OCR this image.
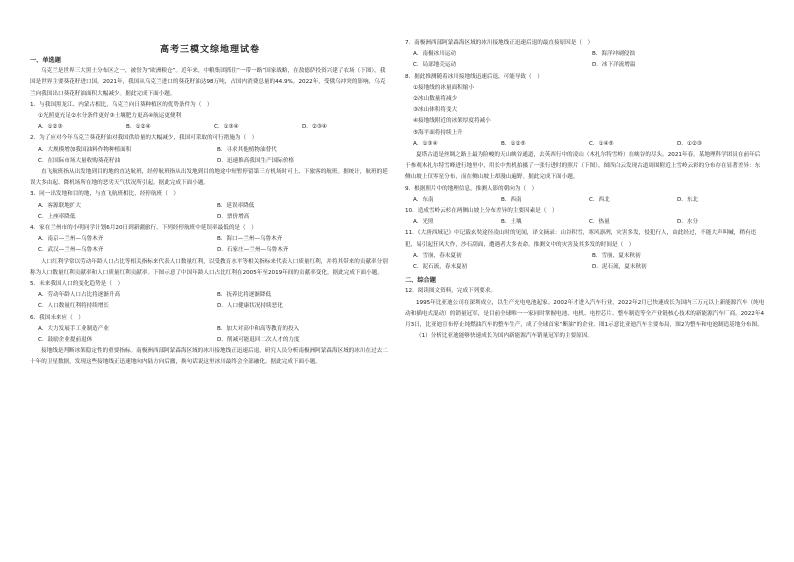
高考三模文综地理试卷
一、单选题

乌克兰是世界三大黑土分布区之一，被誉为“欧洲粮仓”。近年来，中粮集团抓住“一带一路”国家战略，在敖德萨投资兴建了农场（下图）。我国是世界主要葵花籽进口国。2021年，我国从乌克兰进口的葵花籽油达98万吨，占国内消费总量的44.9%。2022年，受俄乌冲突的影响，乌克兰向我国出口葵花籽油面积大幅减少。据此完成下面小题。

1．与我国黑龙江、内蒙古相比，乌克兰向日葵种植区的优势条件为（　）

①光照更充足②水分条件更好③土壤肥力更高④航运更便利

A．①②③	B．①②④	C．①③④	D．②③④

2．为了应对今年乌克兰葵花籽油对我国供给量的大幅减少，我国可采取的可行措施为（　）

A．大规模增加我国油料作物种植面积	B．寻求其他植物油替代
C．在国际市场大量收购葵花籽油	D．迅速推高我国生产国际价格

直飞航班指从出发地到目的地的直达航班，经停航班指从出发地到目的地途中短暂停留第三方机场时可上、下旅客的航班。据统计，航班的延误大多由起、降机场所在地的恶劣天气状况所引起。据此完成下面小题。

3．同一出发地和目的地，与直飞航班相比，经停航班（　）

A．客源联地扩大	B．延误率降低
C．上座率降低	D．票价增高

4．家在兰州市的小明同学计划6月20日到新疆旅行，下列经停航班中延误率最低的是（　）

A．南京—兰州—乌鲁木齐	B．海口—兰州—乌鲁木齐
C．武汉—兰州—乌鲁木齐	D．石家庄—兰州—乌鲁木齐

人口红利学常以劳动年龄人口占比等相关指标来代表人口数量红利，以受教育水平等相关指标来代表人口质量红利，并将其带来的贡献率分别称为人口数量红利贡献率和人口质量红利贡献率。下图示意了中国年龄人口占比红利在2005年至2019年间的贡献率变化。据此完成下面小题。

5．未来我国人口的变化趋势是（　）

A．劳动年龄人口占比将逐渐升高	B．抚养比将逐渐降低
C．人口数量红利将持续增长	D．人口健康状况持续恶化

6．我国未来应（　）

A．大力发展手工业制造产业	B．加大对高中和高等教育的投入
C．鼓励企业提前退休	D．削减可能退回二次人才的力度

接地线是判断冰架稳定性的重要指标。南极洲西部阿蒙森海区域的冰川接地线正迅速后退，研究人员分析南极洲阿蒙森海区域的冰川在过去二十年的卫星数据，发现这些接地线正迅速地向内陆方向后撤，换句话说这里冰川最终会全部融化。据此完成下面小题。

7．南极洲西部阿蒙森海区域的冰川接地线正迅速后退的最直接原因是（　）

A．南极冰川运动	B．海洋冲刷侵蚀
C．局部地壳运动	D．冰下洋流增温

8．据此推测随着冰川接地线迅速后退，可能导致（　）

①接地线的冰量面积缩小

②冰山数量将减少

③冰山体积将变大

④接地线附近的冰架厚度将减小

⑤海平面将持续上升

A．①③④	B．①②⑤	C．①④⑤	D．①②③

夏塔古道是丝绸之路上最为险峻的天山峡谷通道，去英西行中的凌山（木扎尔特雪岭）在峡谷的尽头。2021年春，某地理科学团员在前年后于参观木扎尔特雪峰进行地里中，用长中焦机拍摄了一张行进时的照片（下图），图四白云发现古道周围附近上雪岭云彩的分布存在显著差异：东侧山坡上仅零星分布，而在侧山坡上却漫山遍野。据此完成下面小题。

9．根据照片中的地理信息，推测人影的朝向为（　）

A．东南	B．西南	C．西北	D．东北

10．造成雪岭云杉在两侧山坡上分布差异的主要因素是（　）

A．光照	B．土壤	C．热量	D．水分

11．《大唐西域记》中记载玄奘途径凌山时的见闻，译文摘录：山谷积雪，寒风凛冽，灾害多发，侵犯行人，由此经过，不能大声叫喊，稍有违犯，易引起狂风大作，沙石刮面，遭遇者大多丧命。推测文中的灾害及其多发的时间是（　）

A．雪崩，春末夏初	B．雪崩，夏末秋初
C．泥石流，春末夏初	D．泥石流，夏末秋初
二、综合题

12．阅读图文资料，完成下列要求。

1995年比亚迪公司在深圳成立，以生产充电电池起家。2002年才进入汽车行业，2022年2月已快速成长为国内三万元以上新能源汽车（纯电动和插电式混动）的销量冠军，是目前全球唯一一家同时掌握电池、电机、电控芯片、整车制造等全产业链核心技术的新能源汽车厂商。2022年4月3日，比亚迪宣布停止纯燃油汽车的整车生产，成了全球首家“断油”的企业。图1示意比亚迪汽车主要布局，图2为整车和电池制造基地分布图。

（1）分析比亚迪能够快速成长为国内新能源汽车销量冠军的主要原因。
